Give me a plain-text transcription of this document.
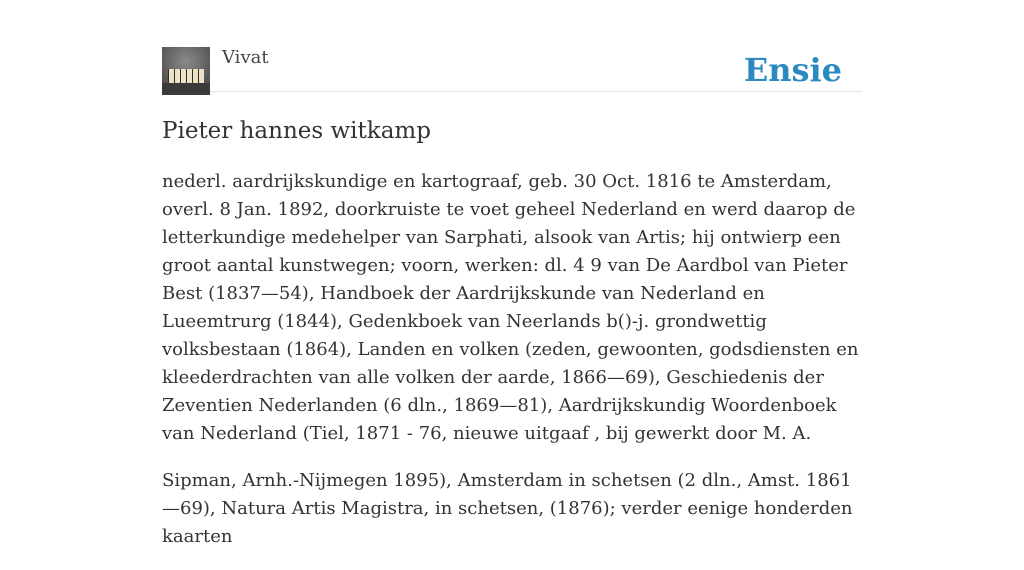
Vivat	Ensie
Pieter hannes witkamp

nederl. aardrijkskundige en kartograaf, geb. 30 Oct. 1816 te Amsterdam, overl. 8 Jan. 1892, doorkruiste te voet geheel Nederland en werd daarop de letterkundige medehelper van Sarphati, alsook van Artis; hij ontwierp een groot aantal kunstwegen; voorn, werken: dl. 4 9 van De Aardbol van Pieter Best (1837—54), Handboek der Aardrijkskunde van Nederland en Lueemtrurg (1844), Gedenkboek van Neerlands b()-j. grondwettig volksbestaan (1864), Landen en volken (zeden, gewoonten, godsdiensten en kleederdrachten van alle volken der aarde, 1866—69), Geschiedenis der Zeventien Nederlanden (6 dln., 1869—81), Aardrijkskundig Woordenboek van Nederland (Tiel, 1871 - 76, nieuwe uitgaaf , bij gewerkt door M. A.

Sipman, Arnh.-Nijmegen 1895), Amsterdam in schetsen (2 dln., Amst. 1861—69), Natura Artis Magistra, in schetsen, (1876); verder eenige honderden kaarten
